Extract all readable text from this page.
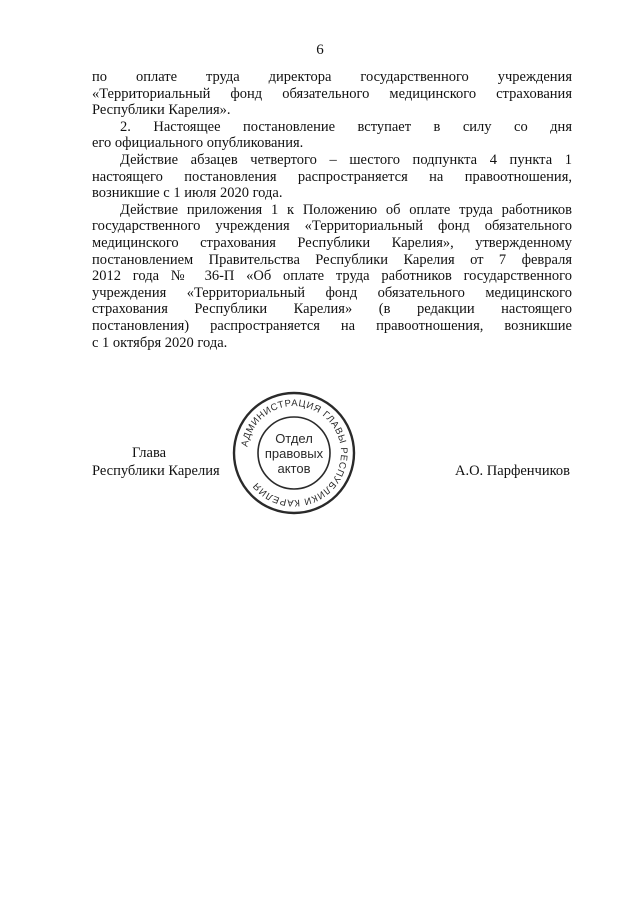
6

по оплате труда директора государственного учреждения
«Территориальный фонд обязательного медицинского страхования
Республики Карелия».

2. Настоящее постановление вступает в силу со дня
его официального опубликования.

Действие абзацев четвертого – шестого подпункта 4 пункта 1
настоящего постановления распространяется на правоотношения,
возникшие с 1 июля 2020 года.

Действие приложения 1 к Положению об оплате труда работников
государственного учреждения «Территориальный фонд обязательного
медицинского страхования Республики Карелия», утвержденному
постановлением Правительства Республики Карелия от 7 февраля
2012 года № 36-П «Об оплате труда работников государственного
учреждения «Территориальный фонд обязательного медицинского
страхования Республики Карелия» (в редакции настоящего
постановления) распространяется на правоотношения, возникшие
с 1 октября 2020 года.

Глава
Республики Карелия	А.О. Парфенчиков
АДМИНИСТРАЦИЯ ГЛАВЫ РЕСПУБЛИКИ КАРЕЛИЯ
Отдел
правовых
актов
